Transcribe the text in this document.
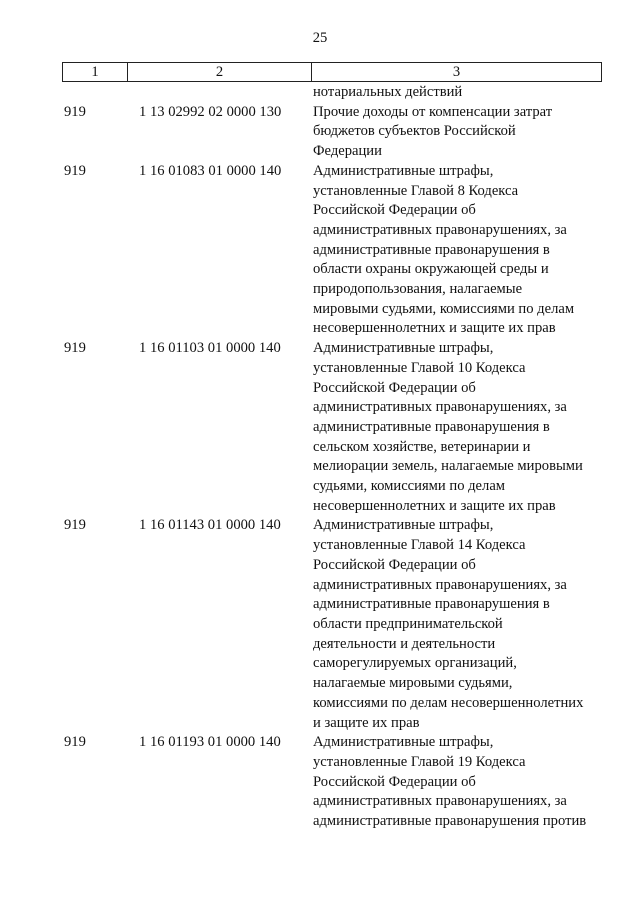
25
1	2	3
нотариальных действий
919	1 13 02992 02 0000 130	Прочие доходы от компенсации затрат
бюджетов субъектов Российской
Федерации
919	1 16 01083 01 0000 140	Административные штрафы,
установленные Главой 8 Кодекса
Российской Федерации об
административных правонарушениях, за
административные правонарушения в
области охраны окружающей среды и
природопользования, налагаемые
мировыми судьями, комиссиями по делам
несовершеннолетних и защите их прав
919	1 16 01103 01 0000 140	Административные штрафы,
установленные Главой 10 Кодекса
Российской Федерации об
административных правонарушениях, за
административные правонарушения в
сельском хозяйстве, ветеринарии и
мелиорации земель, налагаемые мировыми
судьями, комиссиями по делам
несовершеннолетних и защите их прав
919	1 16 01143 01 0000 140	Административные штрафы,
установленные Главой 14 Кодекса
Российской Федерации об
административных правонарушениях, за
административные правонарушения в
области предпринимательской
деятельности и деятельности
саморегулируемых организаций,
налагаемые мировыми судьями,
комиссиями по делам несовершеннолетних
и защите их прав
919	1 16 01193 01 0000 140	Административные штрафы,
установленные Главой 19 Кодекса
Российской Федерации об
административных правонарушениях, за
административные правонарушения против
